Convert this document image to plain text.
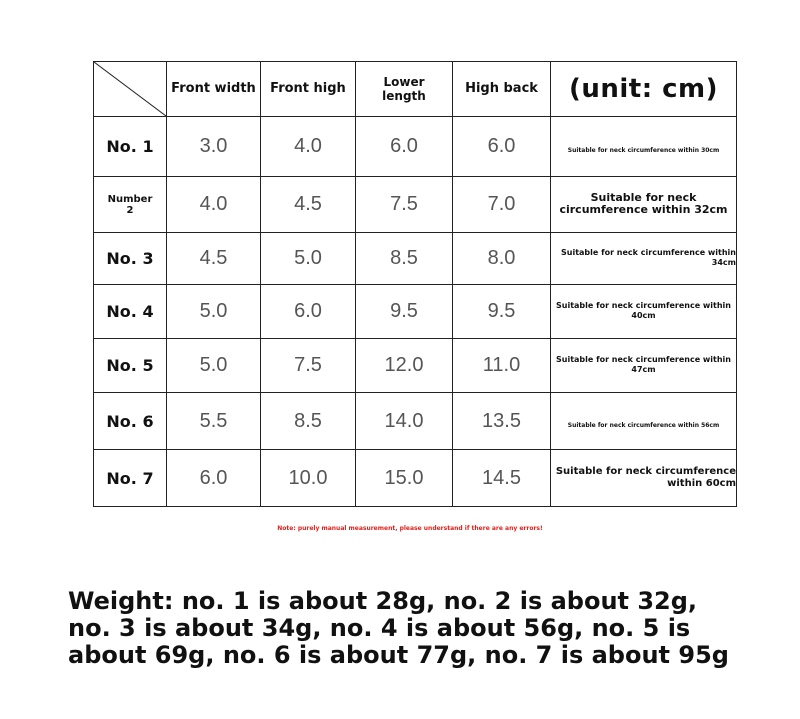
	Front width	Front high	Lower length	High back	(unit: cm)
No. 1	3.0	4.0	6.0	6.0	Suitable for neck circumference within 30cm
Number 2	4.0	4.5	7.5	7.0	Suitable for neck circumference within 32cm
No. 3	4.5	5.0	8.5	8.0	Suitable for neck circumference within 34cm
No. 4	5.0	6.0	9.5	9.5	Suitable for neck circumference within 40cm
No. 5	5.0	7.5	12.0	11.0	Suitable for neck circumference within 47cm
No. 6	5.5	8.5	14.0	13.5	Suitable for neck circumference within 56cm
No. 7	6.0	10.0	15.0	14.5	Suitable for neck circumference within 60cm
Note: purely manual measurement, please understand if there are any errors!
Weight: no. 1 is about 28g, no. 2 is about 32g, no. 3 is about 34g, no. 4 is about 56g, no. 5 is about 69g, no. 6 is about 77g, no. 7 is about 95g
